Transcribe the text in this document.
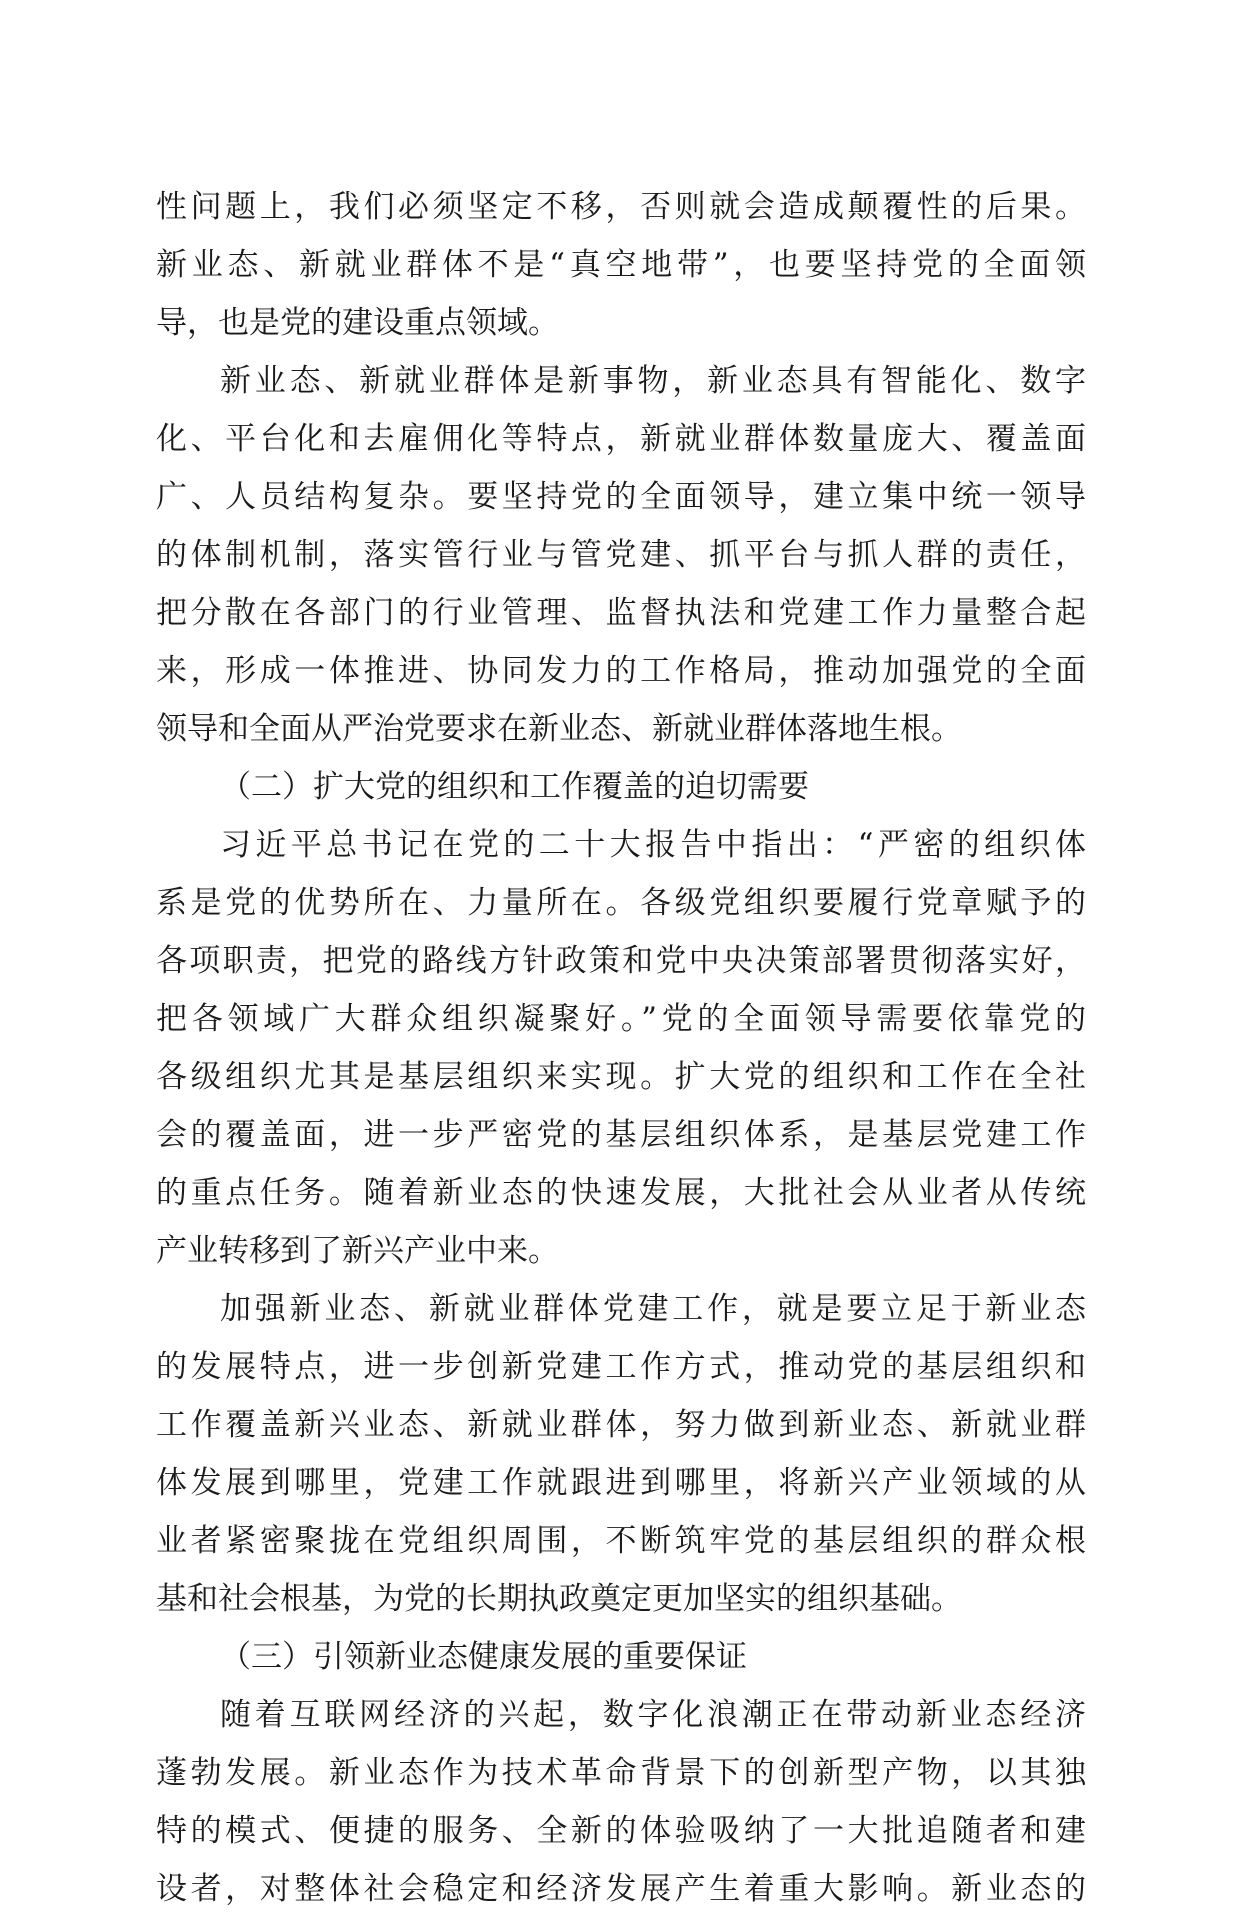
性问题上，我们必须坚定不移，否则就会造成颠覆性的后果。
新业态、新就业群体不是“真空地带”，也要坚持党的全面领
导，也是党的建设重点领域。
新业态、新就业群体是新事物，新业态具有智能化、数字
化、平台化和去雇佣化等特点，新就业群体数量庞大、覆盖面
广、人员结构复杂。要坚持党的全面领导，建立集中统一领导
的体制机制，落实管行业与管党建、抓平台与抓人群的责任，
把分散在各部门的行业管理、监督执法和党建工作力量整合起
来，形成一体推进、协同发力的工作格局，推动加强党的全面
领导和全面从严治党要求在新业态、新就业群体落地生根。
（二）扩大党的组织和工作覆盖的迫切需要
习近平总书记在党的二十大报告中指出：“严密的组织体
系是党的优势所在、力量所在。各级党组织要履行党章赋予的
各项职责，把党的路线方针政策和党中央决策部署贯彻落实好，
把各领域广大群众组织凝聚好。”党的全面领导需要依靠党的
各级组织尤其是基层组织来实现。扩大党的组织和工作在全社
会的覆盖面，进一步严密党的基层组织体系，是基层党建工作
的重点任务。随着新业态的快速发展，大批社会从业者从传统
产业转移到了新兴产业中来。
加强新业态、新就业群体党建工作，就是要立足于新业态
的发展特点，进一步创新党建工作方式，推动党的基层组织和
工作覆盖新兴业态、新就业群体，努力做到新业态、新就业群
体发展到哪里，党建工作就跟进到哪里，将新兴产业领域的从
业者紧密聚拢在党组织周围，不断筑牢党的基层组织的群众根
基和社会根基，为党的长期执政奠定更加坚实的组织基础。
（三）引领新业态健康发展的重要保证
随着互联网经济的兴起，数字化浪潮正在带动新业态经济
蓬勃发展。新业态作为技术革命背景下的创新型产物，以其独
特的模式、便捷的服务、全新的体验吸纳了一大批追随者和建
设者，对整体社会稳定和经济发展产生着重大影响。新业态的
